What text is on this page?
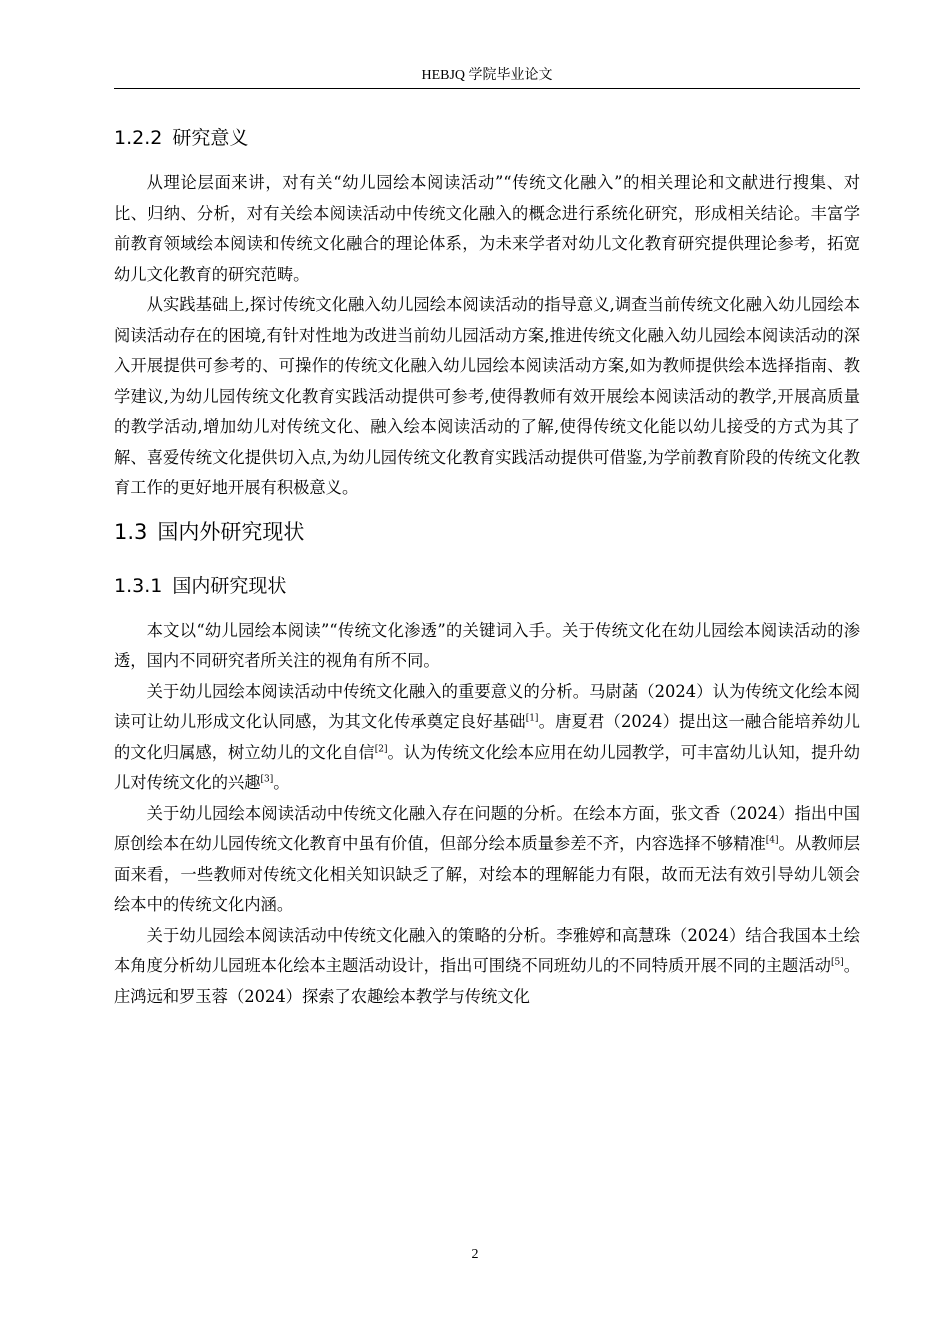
HEBJQ 学院毕业论文
1.2.2 研究意义

从理论层面来讲，对有关“幼儿园绘本阅读活动”“传统文化融入”的相关理论和文献进行搜集、对比、归纳、分析，对有关绘本阅读活动中传统文化融入的概念进行系统化研究，形成相关结论。丰富学前教育领域绘本阅读和传统文化融合的理论体系，为未来学者对幼儿文化教育研究提供理论参考，拓宽幼儿文化教育的研究范畴。

从实践基础上,探讨传统文化融入幼儿园绘本阅读活动的指导意义,调查当前传统文化融入幼儿园绘本阅读活动存在的困境,有针对性地为改进当前幼儿园活动方案,推进传统文化融入幼儿园绘本阅读活动的深入开展提供可参考的、可操作的传统文化融入幼儿园绘本阅读活动方案,如为教师提供绘本选择指南、教学建议,为幼儿园传统文化教育实践活动提供可参考,使得教师有效开展绘本阅读活动的教学,开展高质量的教学活动,增加幼儿对传统文化、融入绘本阅读活动的了解,使得传统文化能以幼儿接受的方式为其了解、喜爱传统文化提供切入点,为幼儿园传统文化教育实践活动提供可借鉴,为学前教育阶段的传统文化教育工作的更好地开展有积极意义。

1.3 国内外研究现状
1.3.1 国内研究现状

本文以“幼儿园绘本阅读”“传统文化渗透”的关键词入手。关于传统文化在幼儿园绘本阅读活动的渗透，国内不同研究者所关注的视角有所不同。

关于幼儿园绘本阅读活动中传统文化融入的重要意义的分析。马尉菡（2024）认为传统文化绘本阅读可让幼儿形成文化认同感，为其文化传承奠定良好基础[1]。唐夏君（2024）提出这一融合能培养幼儿的文化归属感，树立幼儿的文化自信[2]。认为传统文化绘本应用在幼儿园教学，可丰富幼儿认知，提升幼儿对传统文化的兴趣[3]。

关于幼儿园绘本阅读活动中传统文化融入存在问题的分析。在绘本方面，张文香（2024）指出中国原创绘本在幼儿园传统文化教育中虽有价值，但部分绘本质量参差不齐，内容选择不够精准[4]。从教师层面来看，一些教师对传统文化相关知识缺乏了解，对绘本的理解能力有限，故而无法有效引导幼儿领会绘本中的传统文化内涵。

关于幼儿园绘本阅读活动中传统文化融入的策略的分析。李雅婷和高慧珠（2024）结合我国本土绘本角度分析幼儿园班本化绘本主题活动设计，指出可围绕不同班幼儿的不同特质开展不同的主题活动[5]。庄鸿远和罗玉蓉（2024）探索了农趣绘本教学与传统文化

2
